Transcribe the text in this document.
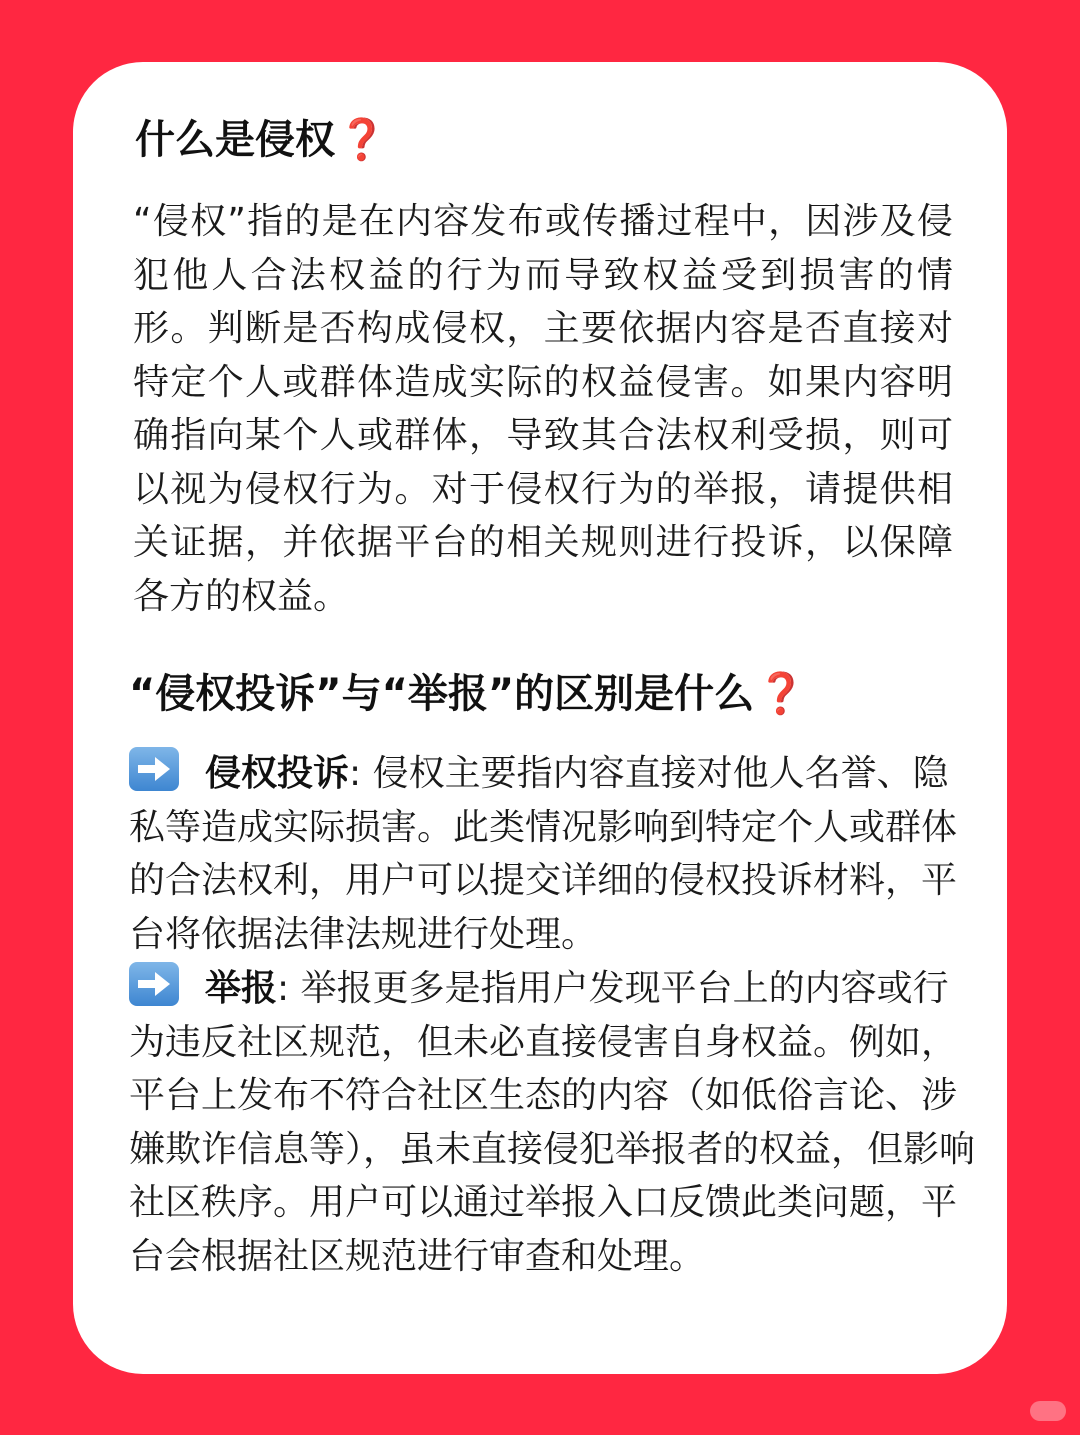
什么是侵权❓

“侵权”指的是在内容发布或传播过程中，因涉及侵犯他人合法权益的行为而导致权益受到损害的情形。判断是否构成侵权，主要依据内容是否直接对特定个人或群体造成实际的权益侵害。如果内容明确指向某个人或群体，导致其合法权利受损，则可以视为侵权行为。对于侵权行为的举报，请提供相关证据，并依据平台的相关规则进行投诉，以保障各方的权益。

“侵权投诉”与“举报”的区别是什么❓

侵权投诉: 侵权主要指内容直接对他人名誉、隐私等造成实际损害。此类情况影响到特定个人或群体的合法权利，用户可以提交详细的侵权投诉材料，平台将依据法律法规进行处理。

举报: 举报更多是指用户发现平台上的内容或行为违反社区规范，但未必直接侵害自身权益。例如，平台上发布不符合社区生态的内容（如低俗言论、涉嫌欺诈信息等），虽未直接侵犯举报者的权益，但影响社区秩序。用户可以通过举报入口反馈此类问题，平台会根据社区规范进行审查和处理。
